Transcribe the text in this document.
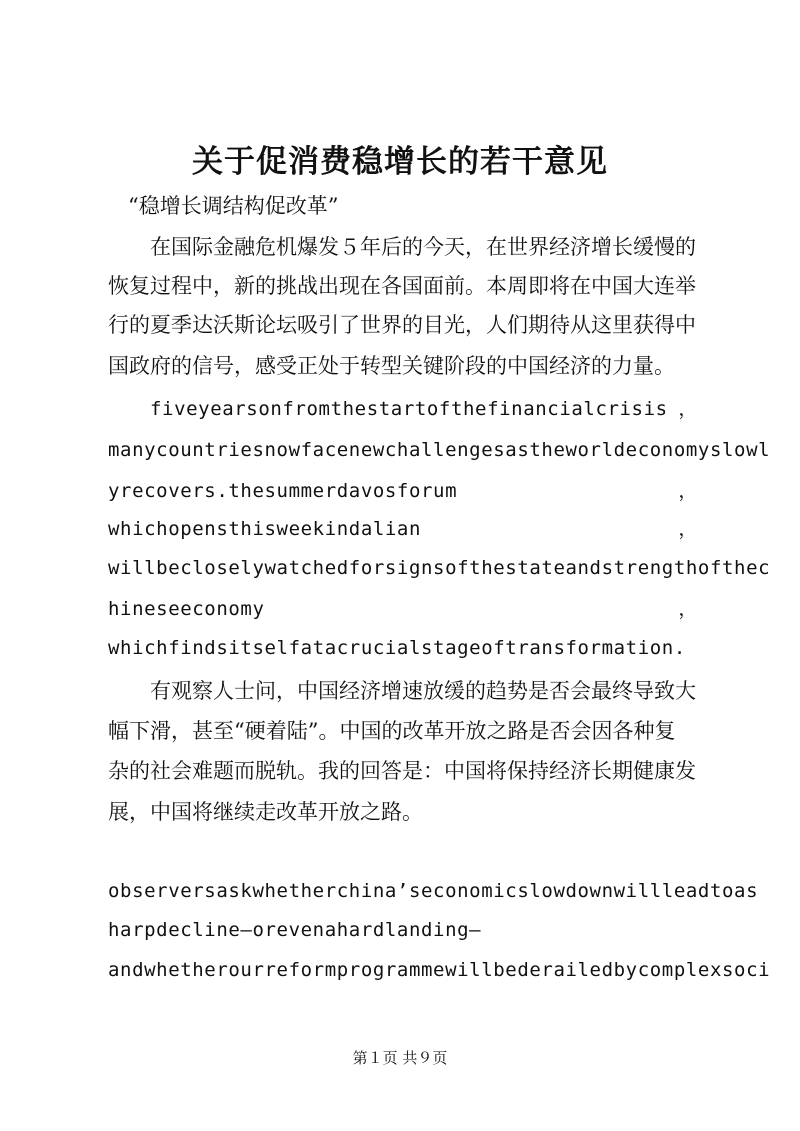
关于促消费稳增长的若干意见
“稳增长调结构促改革”
在国际金融危机爆发５年后的今天，在世界经济增长缓慢的
恢复过程中，新的挑战出现在各国面前。本周即将在中国大连举
行的夏季达沃斯论坛吸引了世界的目光，人们期待从这里获得中
国政府的信号，感受正处于转型关键阶段的中国经济的力量。
fiveyearsonfromthestartofthefinancialcrisis ，
manycountriesnowfacenewchallengesastheworldeconomyslowl
yrecovers.thesummerdavosforum	，
whichopensthisweekindalian	，
willbecloselywatchedforsignsofthestateandstrengthofthec
hineseeconomy	，
whichfindsitselfatacrucialstageoftransformation.
有观察人士问，中国经济增速放缓的趋势是否会最终导致大
幅下滑，甚至“硬着陆”。中国的改革开放之路是否会因各种复
杂的社会难题而脱轨。我的回答是：中国将保持经济长期健康发
展，中国将继续走改革开放之路。
observersaskwhetherchina’seconomicslowdownwillleadtoas
harpdecline–orevenahardlanding–
andwhetherourreformprogrammewillbederailedbycomplexsoci
第１页 共９页
